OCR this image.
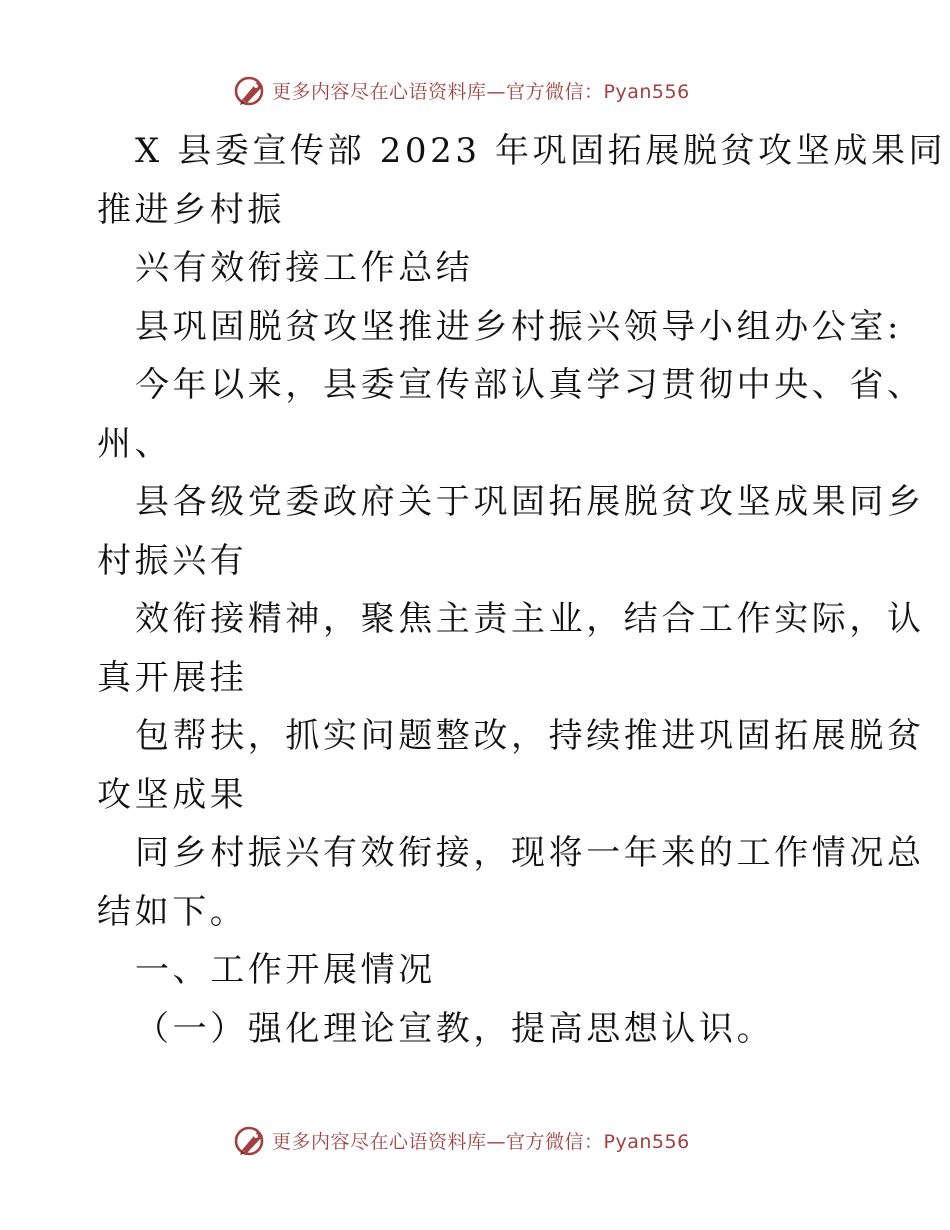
更多内容尽在心语资料库—官方微信：Pyan556
X 县委宣传部 2023 年巩固拓展脱贫攻坚成果同
推进乡村振
兴有效衔接工作总结
县巩固脱贫攻坚推进乡村振兴领导小组办公室:
今年以来，县委宣传部认真学习贯彻中央、省、
州、
县各级党委政府关于巩固拓展脱贫攻坚成果同乡
村振兴有
效衔接精神，聚焦主责主业，结合工作实际，认
真开展挂
包帮扶，抓实问题整改，持续推进巩固拓展脱贫
攻坚成果
同乡村振兴有效衔接，现将一年来的工作情况总
结如下。
一、工作开展情况
（一）强化理论宣教，提高思想认识。
更多内容尽在心语资料库—官方微信：Pyan556
